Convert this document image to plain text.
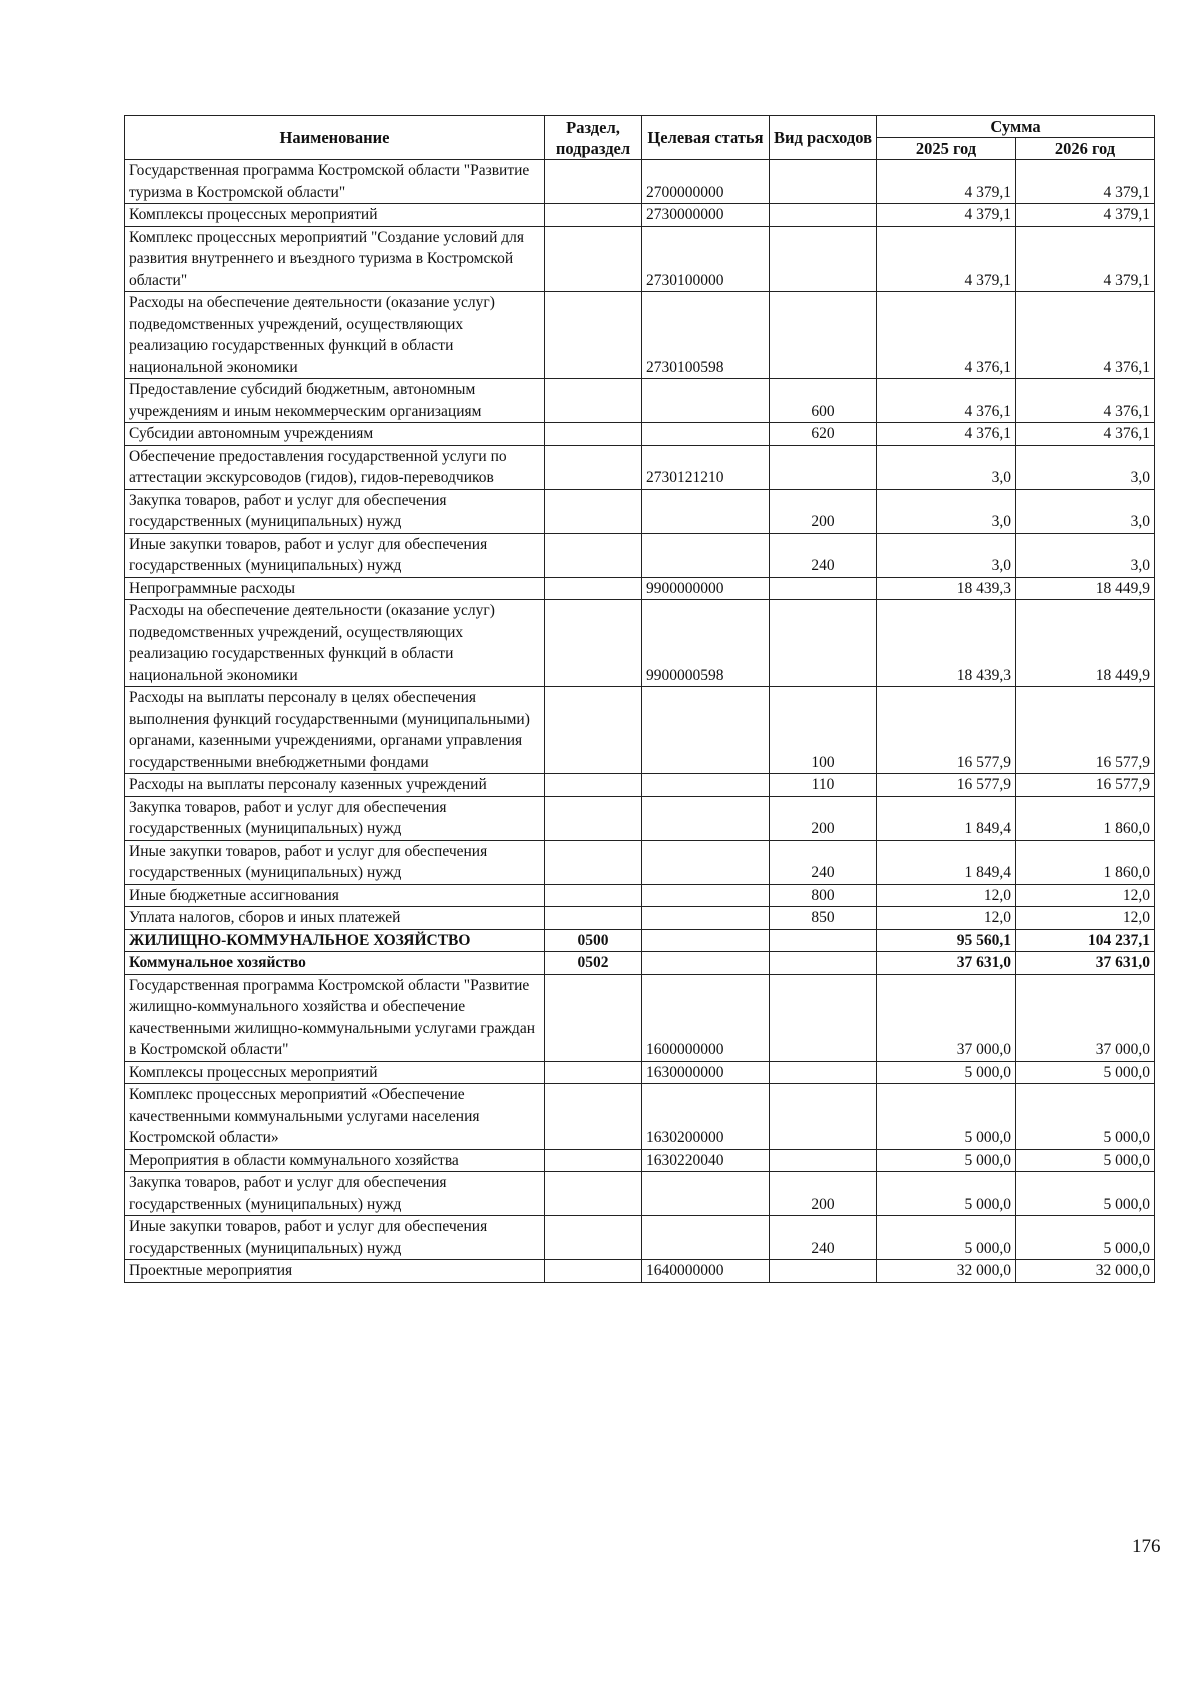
Наименование	Раздел, подраздел	Целевая статья	Вид расходов	Сумма	
				2025 год	2026 год
Государственная программа Костромской области "Развитие туризма в Костромской области"		2700000000		4 379,1	4 379,1
Комплексы процессных мероприятий		2730000000		4 379,1	4 379,1
Комплекс процессных мероприятий "Создание условий для развития внутреннего и въездного туризма в Костромской области"		2730100000		4 379,1	4 379,1
Расходы на обеспечение деятельности (оказание услуг) подведомственных учреждений, осуществляющих реализацию государственных функций в области национальной экономики		2730100598		4 376,1	4 376,1
Предоставление субсидий бюджетным, автономным учреждениям и иным некоммерческим организациям			600	4 376,1	4 376,1
Субсидии автономным учреждениям			620	4 376,1	4 376,1
Обеспечение предоставления государственной услуги по аттестации экскурсоводов (гидов), гидов-переводчиков		2730121210		3,0	3,0
Закупка товаров, работ и услуг для обеспечения государственных (муниципальных) нужд			200	3,0	3,0
Иные закупки товаров, работ и услуг для обеспечения государственных (муниципальных) нужд			240	3,0	3,0
Непрограммные расходы		9900000000		18 439,3	18 449,9
Расходы на обеспечение деятельности (оказание услуг) подведомственных учреждений, осуществляющих реализацию государственных функций в области национальной экономики		9900000598		18 439,3	18 449,9
Расходы на выплаты персоналу в целях обеспечения выполнения функций государственными (муниципальными) органами, казенными учреждениями, органами управления государственными внебюджетными фондами			100	16 577,9	16 577,9
Расходы на выплаты персоналу казенных учреждений			110	16 577,9	16 577,9
Закупка товаров, работ и услуг для обеспечения государственных (муниципальных) нужд			200	1 849,4	1 860,0
Иные закупки товаров, работ и услуг для обеспечения государственных (муниципальных) нужд			240	1 849,4	1 860,0
Иные бюджетные ассигнования			800	12,0	12,0
Уплата налогов, сборов и иных платежей			850	12,0	12,0
ЖИЛИЩНО-КОММУНАЛЬНОЕ ХОЗЯЙСТВО	0500			95 560,1	104 237,1
Коммунальное хозяйство	0502			37 631,0	37 631,0
Государственная программа Костромской области "Развитие жилищно-коммунального хозяйства и обеспечение качественными жилищно-коммунальными услугами граждан в Костромской области"		1600000000		37 000,0	37 000,0
Комплексы процессных мероприятий		1630000000		5 000,0	5 000,0
Комплекс процессных мероприятий «Обеспечение качественными коммунальными услугами населения Костромской области»		1630200000		5 000,0	5 000,0
Мероприятия в области коммунального хозяйства		1630220040		5 000,0	5 000,0
Закупка товаров, работ и услуг для обеспечения государственных (муниципальных) нужд			200	5 000,0	5 000,0
Иные закупки товаров, работ и услуг для обеспечения государственных (муниципальных) нужд			240	5 000,0	5 000,0
Проектные мероприятия		1640000000		32 000,0	32 000,0
176
